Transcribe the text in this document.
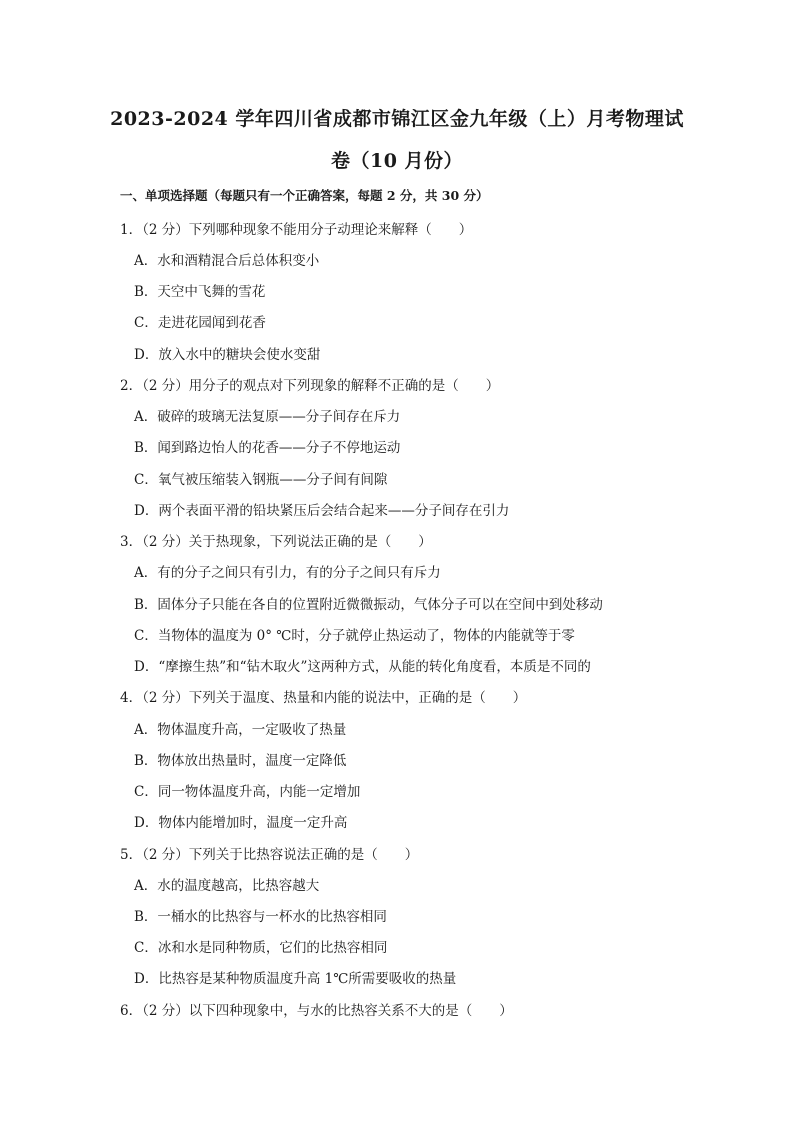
2023-2024 学年四川省成都市锦江区金九年级（上）月考物理试
卷（10 月份）
一、单项选择题（每题只有一个正确答案，每题 2 分，共 30 分）
1．（2 分）下列哪种现象不能用分子动理论来解释（　　）
A．水和酒精混合后总体积变小
B．天空中飞舞的雪花
C．走进花园闻到花香
D．放入水中的糖块会使水变甜
2．（2 分）用分子的观点对下列现象的解释不正确的是（　　）
A．破碎的玻璃无法复原——分子间存在斥力
B．闻到路边怡人的花香——分子不停地运动
C．氧气被压缩装入钢瓶——分子间有间隙
D．两个表面平滑的铅块紧压后会结合起来——分子间存在引力
3．（2 分）关于热现象，下列说法正确的是（　　）
A．有的分子之间只有引力，有的分子之间只有斥力
B．固体分子只能在各自的位置附近微微振动，气体分子可以在空间中到处移动
C．当物体的温度为 0° ℃时，分子就停止热运动了，物体的内能就等于零
D．“摩擦生热”和“钻木取火”这两种方式，从能的转化角度看，本质是不同的
4．（2 分）下列关于温度、热量和内能的说法中，正确的是（　　）
A．物体温度升高，一定吸收了热量
B．物体放出热量时，温度一定降低
C．同一物体温度升高，内能一定增加
D．物体内能增加时，温度一定升高
5．（2 分）下列关于比热容说法正确的是（　　）
A．水的温度越高，比热容越大
B．一桶水的比热容与一杯水的比热容相同
C．冰和水是同种物质，它们的比热容相同
D．比热容是某种物质温度升高 1℃所需要吸收的热量
6．（2 分）以下四种现象中，与水的比热容关系不大的是（　　）
